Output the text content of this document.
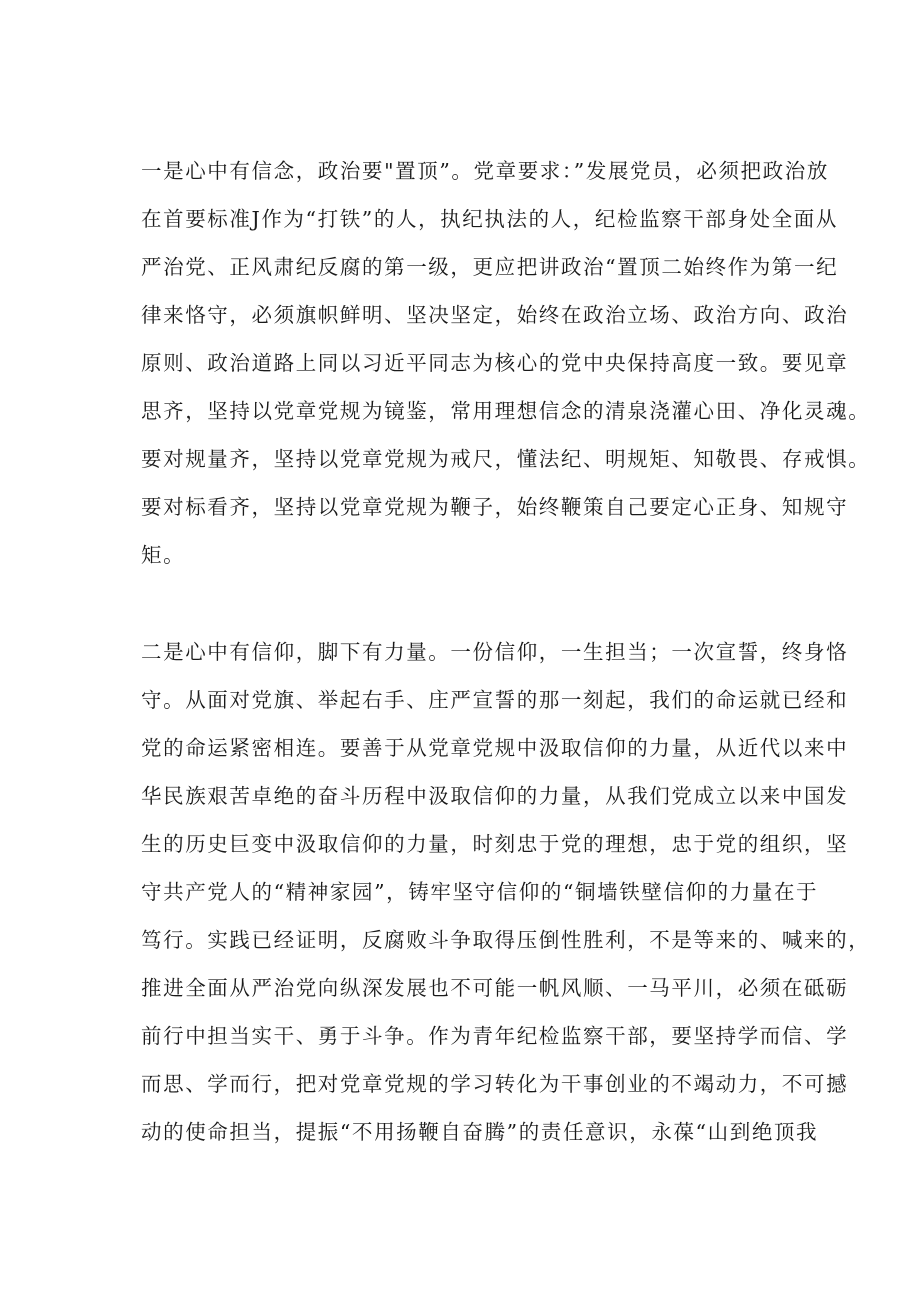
一是心中有信念，政治要"置顶”。党章要求：”发展党员，必须把政治放

在首要标准J作为“打铁”的人，执纪执法的人，纪检监察干部身处全面从

严治党、正风肃纪反腐的第一级，更应把讲政治“置顶二始终作为第一纪

律来恪守，必须旗帜鲜明、坚决坚定，始终在政治立场、政治方向、政治

原则、政治道路上同以习近平同志为核心的党中央保持高度一致。要见章

思齐，坚持以党章党规为镜鉴，常用理想信念的清泉浇灌心田、净化灵魂。

要对规量齐，坚持以党章党规为戒尺，懂法纪、明规矩、知敬畏、存戒惧。

要对标看齐，坚持以党章党规为鞭子，始终鞭策自己要定心正身、知规守

矩。

二是心中有信仰，脚下有力量。一份信仰，一生担当；一次宣誓，终身恪

守。从面对党旗、举起右手、庄严宣誓的那一刻起，我们的命运就已经和

党的命运紧密相连。要善于从党章党规中汲取信仰的力量，从近代以来中

华民族艰苦卓绝的奋斗历程中汲取信仰的力量，从我们党成立以来中国发

生的历史巨变中汲取信仰的力量，时刻忠于党的理想，忠于党的组织，坚

守共产党人的“精神家园”，铸牢坚守信仰的“铜墙铁壁信仰的力量在于

笃行。实践已经证明，反腐败斗争取得压倒性胜利，不是等来的、喊来的，

推进全面从严治党向纵深发展也不可能一帆风顺、一马平川，必须在砥砺

前行中担当实干、勇于斗争。作为青年纪检监察干部，要坚持学而信、学

而思、学而行，把对党章党规的学习转化为干事创业的不竭动力，不可撼

动的使命担当，提振“不用扬鞭自奋腾”的责任意识，永葆“山到绝顶我
